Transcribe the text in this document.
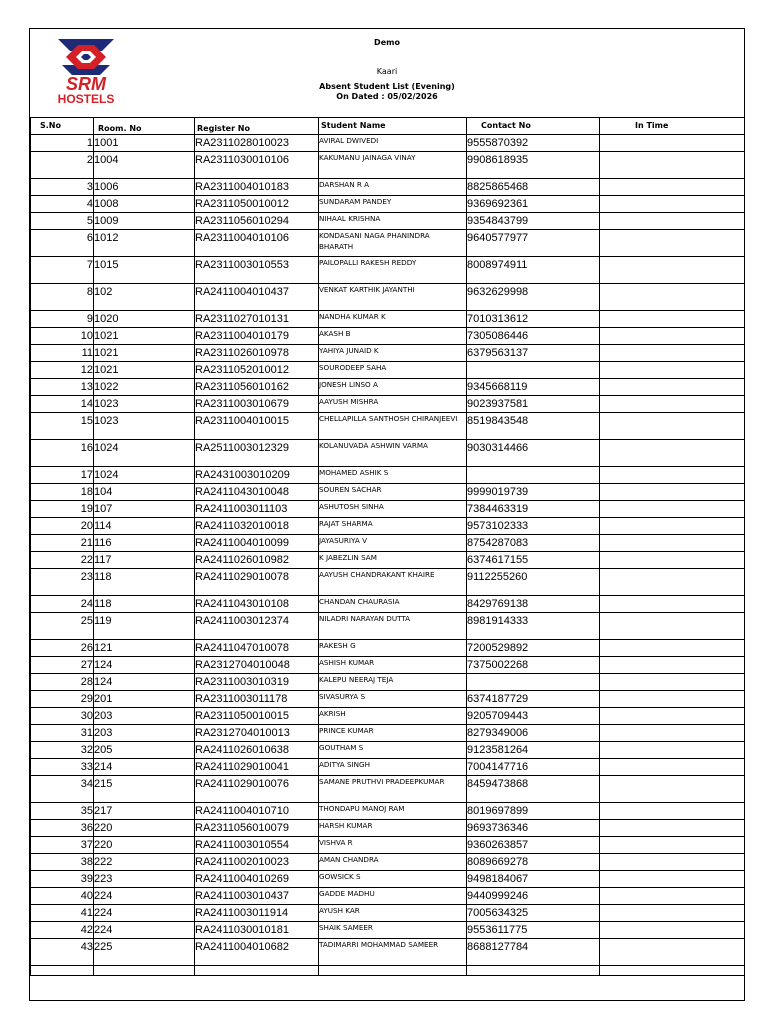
SRM
HOSTELS
Demo
Kaari
Absent Student List (Evening)
On Dated : 05/02/2026
S.No	Room. No	Register No	Student Name	Contact No	In Time

1	1001	RA2311028010023	AVIRAL DWIVEDI	9555870392	

2	1004	RA2311030010106	KAKUMANU JAINAGA VINAY	9908618935	

3	1006	RA2311004010183	DARSHAN R A	8825865468	

4	1008	RA2311050010012	SUNDARAM PANDEY	9369692361	

5	1009	RA2311056010294	NIHAAL KRISHNA	9354843799	

6	1012	RA2311004010106	KONDASANI NAGA PHANINDRA BHARATH	9640577977	

7	1015	RA2311003010553	PAILOPALLI RAKESH REDDY	8008974911	

8	102	RA2411004010437	VENKAT KARTHIK JAYANTHI	9632629998	

9	1020	RA2311027010131	NANDHA KUMAR K	7010313612	

10	1021	RA2311004010179	AKASH B	7305086446	

11	1021	RA2311026010978	YAHIYA JUNAID K	6379563137	

12	1021	RA2311052010012	SOURODEEP SAHA	

13	1022	RA2311056010162	JONESH LINSO A	9345668119	

14	1023	RA2311003010679	AAYUSH MISHRA	9023937581	

15	1023	RA2311004010015	CHELLAPILLA SANTHOSH CHIRANJEEVI	8519843548	

16	1024	RA2511003012329	KOLANUVADA ASHWIN VARMA	9030314466	

17	1024	RA2431003010209	MOHAMED ASHIK S	

18	104	RA2411043010048	SOUREN SACHAR	9999019739	

19	107	RA2411003011103	ASHUTOSH SINHA	7384463319	

20	114	RA2411032010018	RAJAT SHARMA	9573102333	

21	116	RA2411004010099	JAYASURIYA V	8754287083	

22	117	RA2411026010982	K JABEZLIN SAM	6374617155	

23	118	RA2411029010078	AAYUSH CHANDRAKANT KHAIRE	9112255260	

24	118	RA2411043010108	CHANDAN CHAURASIA	8429769138	

25	119	RA2411003012374	NILADRI NARAYAN DUTTA	8981914333	

26	121	RA2411047010078	RAKESH G	7200529892	

27	124	RA2312704010048	ASHISH KUMAR	7375002268	

28	124	RA2311003010319	KALEPU NEERAJ TEJA	

29	201	RA2311003011178	SIVASURYA S	6374187729	

30	203	RA2311050010015	AKRISH	9205709443	

31	203	RA2312704010013	PRINCE KUMAR	8279349006	

32	205	RA2411026010638	GOUTHAM S	9123581264	

33	214	RA2411029010041	ADITYA SINGH	7004147716	

34	215	RA2411029010076	SAMANE PRUTHVI PRADEEPKUMAR	8459473868	

35	217	RA2411004010710	THONDAPU MANOJ RAM	8019697899	

36	220	RA2311056010079	HARSH KUMAR	9693736346	

37	220	RA2411003010554	VISHVA R	9360263857	

38	222	RA2411002010023	AMAN CHANDRA	8089669278	

39	223	RA2411004010269	GOWSICK S	9498184067	

40	224	RA2411003010437	GADDE MADHU	9440999246	

41	224	RA2411003011914	AYUSH KAR	7005634325	

42	224	RA2411030010181	SHAIK SAMEER	9553611775	

43	225	RA2411004010682	TADIMARRI MOHAMMAD SAMEER	8688127784	
